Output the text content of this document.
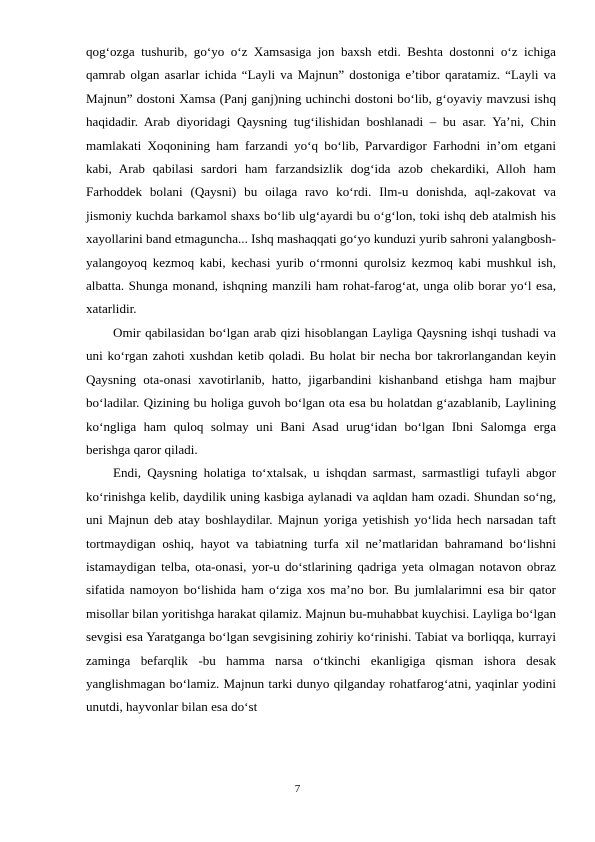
qog‘ozga tushurib, go‘yo o‘z Xamsasiga jon baxsh etdi. Beshta dostonni o‘z ichiga qamrab olgan asarlar ichida “Layli va Majnun” dostoniga e’tibor qaratamiz. “Layli va Majnun” dostoni Xamsa (Panj ganj)ning uchinchi dostoni bo‘lib, g‘oyaviy mavzusi ishq haqidadir. Arab diyoridagi Qaysning tug‘ilishidan boshlanadi – bu asar. Ya’ni, Chin mamlakati Xoqonining ham farzandi yo‘q bo‘lib, Parvardigor Farhodni in’om etgani kabi, Arab qabilasi sardori ham farzandsizlik dog‘ida azob chekardiki, Alloh ham Farhoddek bolani (Qaysni) bu oilaga ravo ko‘rdi. Ilm-u donishda, aql-zakovat va jismoniy kuchda barkamol shaxs bo‘lib ulg‘ayardi bu o‘g‘lon, toki ishq deb atalmish his xayollarini band etmaguncha... Ishq mashaqqati go‘yo kunduzi yurib sahroni yalangbosh-yalangoyoq kezmoq kabi, kechasi yurib o‘rmonni qurolsiz kezmoq kabi mushkul ish, albatta. Shunga monand, ishqning manzili ham rohat-farog‘at, unga olib borar yo‘l esa, xatarlidir.

Omir qabilasidan bo‘lgan arab qizi hisoblangan Layliga Qaysning ishqi tushadi va uni ko‘rgan zahoti xushdan ketib qoladi. Bu holat bir necha bor takrorlangandan keyin Qaysning ota-onasi xavotirlanib, hatto, jigarbandini kishanband etishga ham majbur bo‘ladilar. Qizining bu holiga guvoh bo‘lgan ota esa bu holatdan g‘azablanib, Laylining ko‘ngliga ham quloq solmay uni Bani Asad urug‘idan bo‘lgan Ibni Salomga erga berishga qaror qiladi.

Endi, Qaysning holatiga to‘xtalsak, u ishqdan sarmast, sarmastligi tufayli abgor ko‘rinishga kelib, daydilik uning kasbiga aylanadi va aqldan ham ozadi. Shundan so‘ng, uni Majnun deb atay boshlaydilar. Majnun yoriga yetishish yo‘lida hech narsadan taft tortmaydigan oshiq, hayot va tabiatning turfa xil ne’matlaridan bahramand bo‘lishni istamaydigan telba, ota-onasi, yor-u do‘stlarining qadriga yeta olmagan notavon obraz sifatida namoyon bo‘lishida ham o‘ziga xos ma’no bor. Bu jumlalarimni esa bir qator misollar bilan yoritishga harakat qilamiz. Majnun bu-muhabbat kuychisi. Layliga bo‘lgan sevgisi esa Yaratganga bo‘lgan sevgisining zohiriy ko‘rinishi. Tabiat va borliqqa, kurrayi zaminga befarqlik -bu hamma narsa o‘tkinchi ekanligiga qisman ishora desak yanglishmagan bo‘lamiz. Majnun tarki dunyo qilganday rohatfarog‘atni, yaqinlar yodini unutdi, hayvonlar bilan esa do‘st

7
